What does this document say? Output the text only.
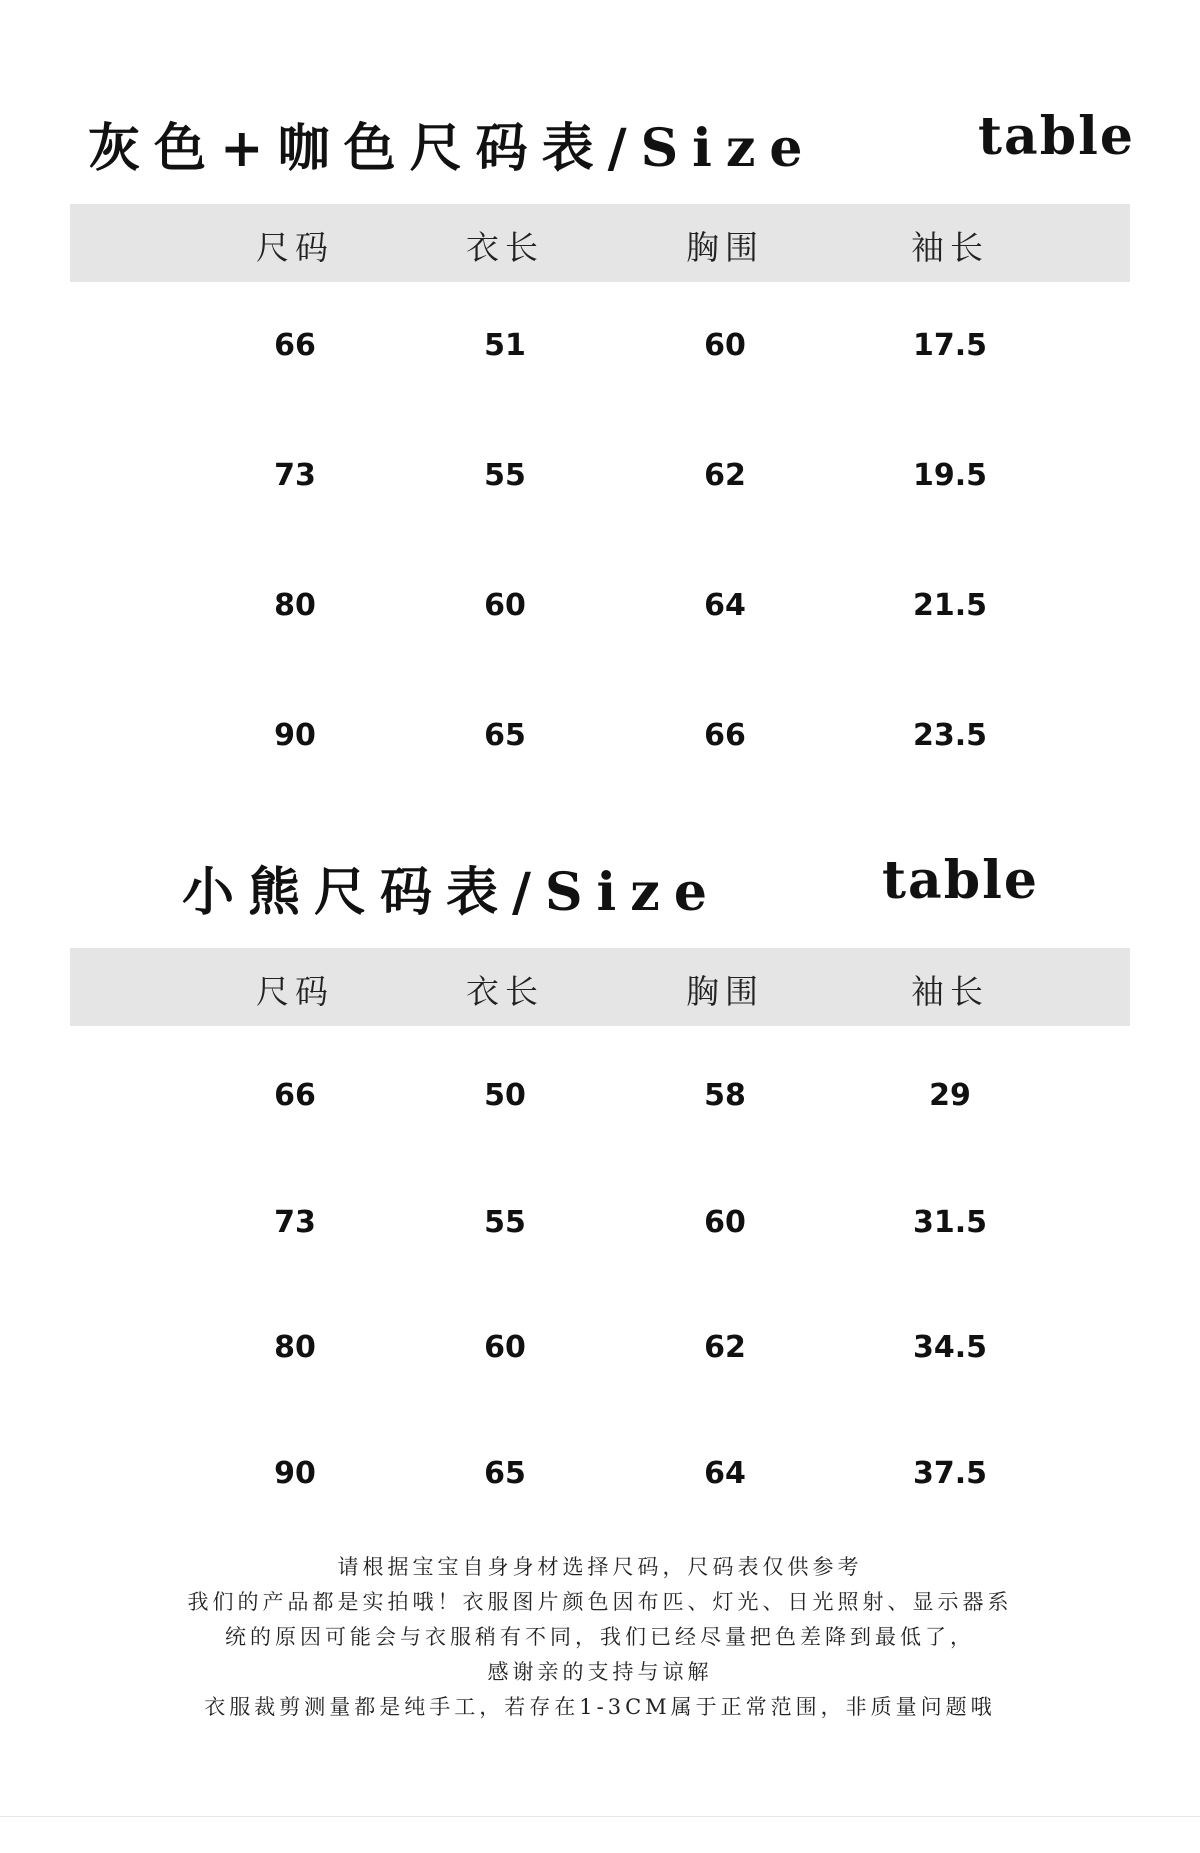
灰色+咖色尺码表/Size	table
尺码	衣长	胸围	袖长
66	51	60	17.5
73	55	62	19.5
80	60	64	21.5
90	65	66	23.5
小熊尺码表/Size	table
尺码	衣长	胸围	袖长
66	50	58	29
73	55	60	31.5
80	60	62	34.5
90	65	64	37.5
请根据宝宝自身身材选择尺码，尺码表仅供参考
我们的产品都是实拍哦！衣服图片颜色因布匹、灯光、日光照射、显示器系
统的原因可能会与衣服稍有不同，我们已经尽量把色差降到最低了，
感谢亲的支持与谅解
衣服裁剪测量都是纯手工，若存在1-3CM属于正常范围，非质量问题哦
